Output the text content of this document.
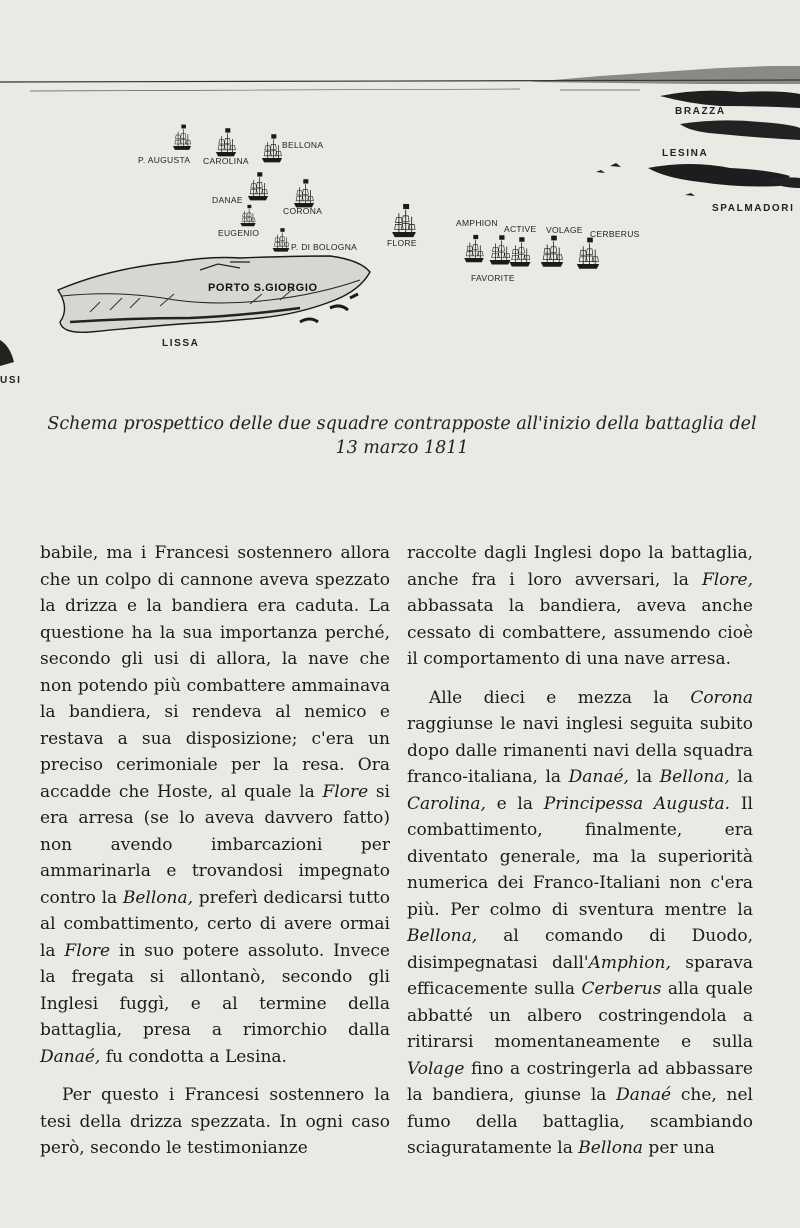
P. AUGUSTA CAROLINA
BELLONA
DANAE
CORONA
EUGENIO
P. DI BOLOGNA	FLORE
AMPHION
ACTIVE VOLAGE CERBERUS
FAVORITE
BRAZZA
LESINA
SPALMADORI
PORTO S.GIORGIO
LISSA
USI

Schema prospettico delle due squadre contrapposte all'inizio della battaglia del
13 marzo 1811

babile, ma i Francesi sostennero allora che un colpo di cannone aveva spezzato la drizza e la bandiera era caduta. La questione ha la sua importanza perché, secondo gli usi di allora, la nave che non potendo più combattere ammainava la bandiera, si rendeva al nemico e restava a sua disposizione; c'era un preciso cerimoniale per la resa. Ora accadde che Hoste, al quale la Flore si era arresa (se lo aveva davvero fatto) non avendo imbarcazioni per ammarinarla e trovandosi impegnato contro la Bellona, preferì dedicarsi tutto al combattimento, certo di avere ormai la Flore in suo potere assoluto. Invece la fregata si allontanò, secondo gli Inglesi fuggì, e al termine della battaglia, presa a rimorchio dalla Danaé, fu condotta a Lesina.

Per questo i Francesi sostennero la tesi della drizza spezzata. In ogni caso però, secondo le testimonianze

raccolte dagli Inglesi dopo la battaglia, anche fra i loro avversari, la Flore, abbassata la bandiera, aveva anche cessato di combattere, assumendo cioè il comportamento di una nave arresa.

Alle dieci e mezza la Corona raggiunse le navi inglesi seguita subito dopo dalle rimanenti navi della squadra franco-italiana, la Danaé, la Bellona, la Carolina, e la Principessa Augusta. Il combattimento, finalmente, era diventato generale, ma la superiorità numerica dei Franco-Italiani non c'era più. Per colmo di sventura mentre la Bellona, al comando di Duodo, disimpegnatasi dall'Amphion, sparava efficacemente sulla Cerberus alla quale abbatté un albero costringendola a ritirarsi momentaneamente e sulla Volage fino a costringerla ad abbassare la bandiera, giunse la Danaé che, nel fumo della battaglia, scambiando sciaguratamente la Bellona per una
